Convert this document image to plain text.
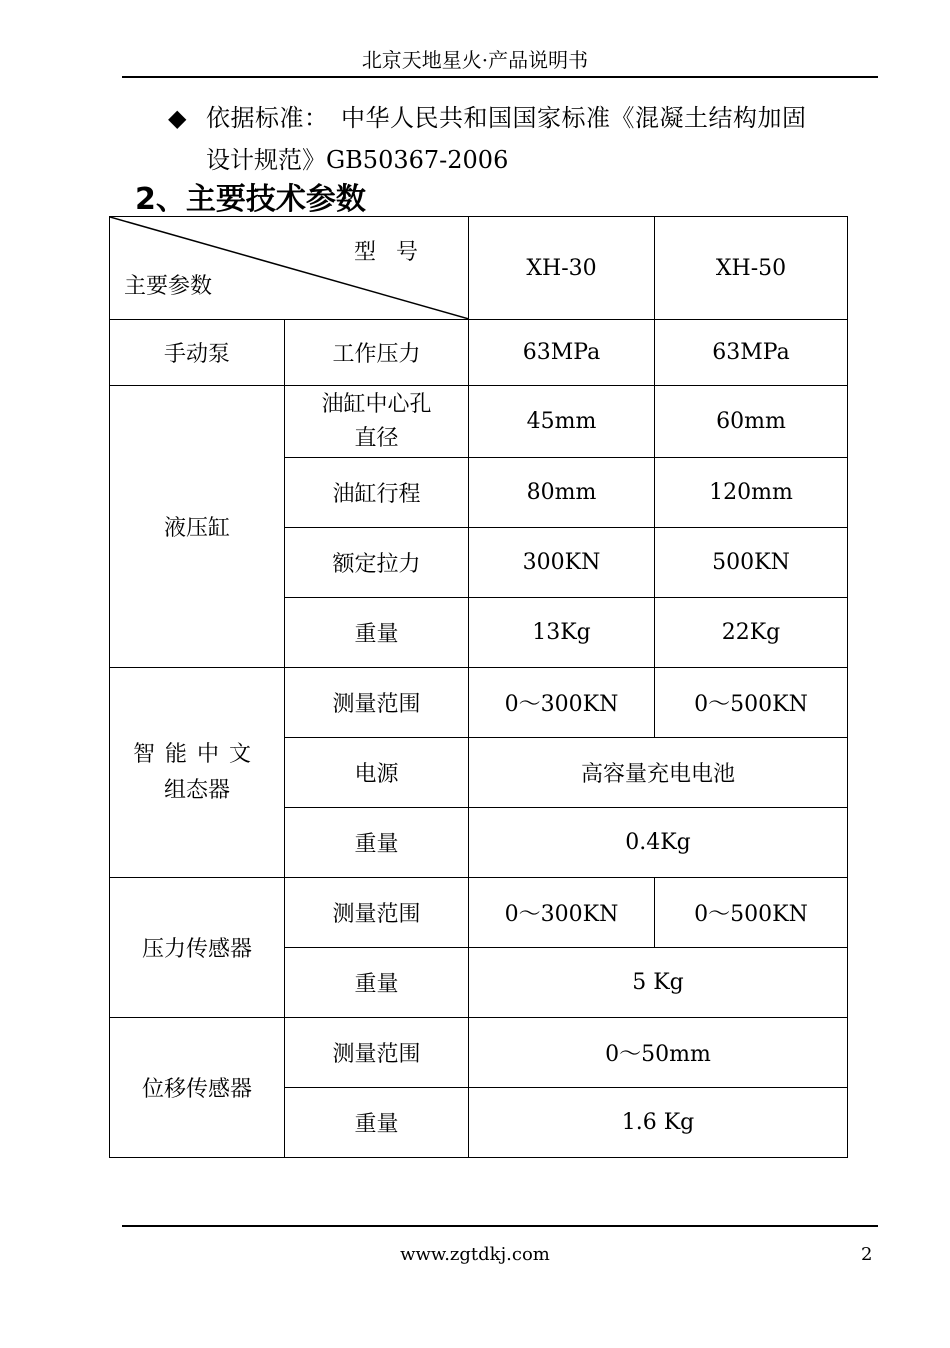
北京天地星火·产品说明书
◆ 依据标准：　中华人民共和国国家标准《混凝土结构加固
设计规范》GB50367-2006
2、主要技术参数
型号
主要参数		XH-30	XH-50
手动泵	工作压力	63MPa	63MPa
液压缸	油缸中心孔
直径	45mm	60mm
	油缸行程	80mm	120mm
	额定拉力	300KN	500KN
	重量	13Kg	22Kg
智能中文
组态器	测量范围	0～300KN	0～500KN
	电源	高容量充电电池	
	重量	0.4Kg	
压力传感器	测量范围	0～300KN	0～500KN
	重量	5 Kg	
位移传感器	测量范围	0～50mm	
	重量	1.6 Kg	
www.zgtdkj.com	2
